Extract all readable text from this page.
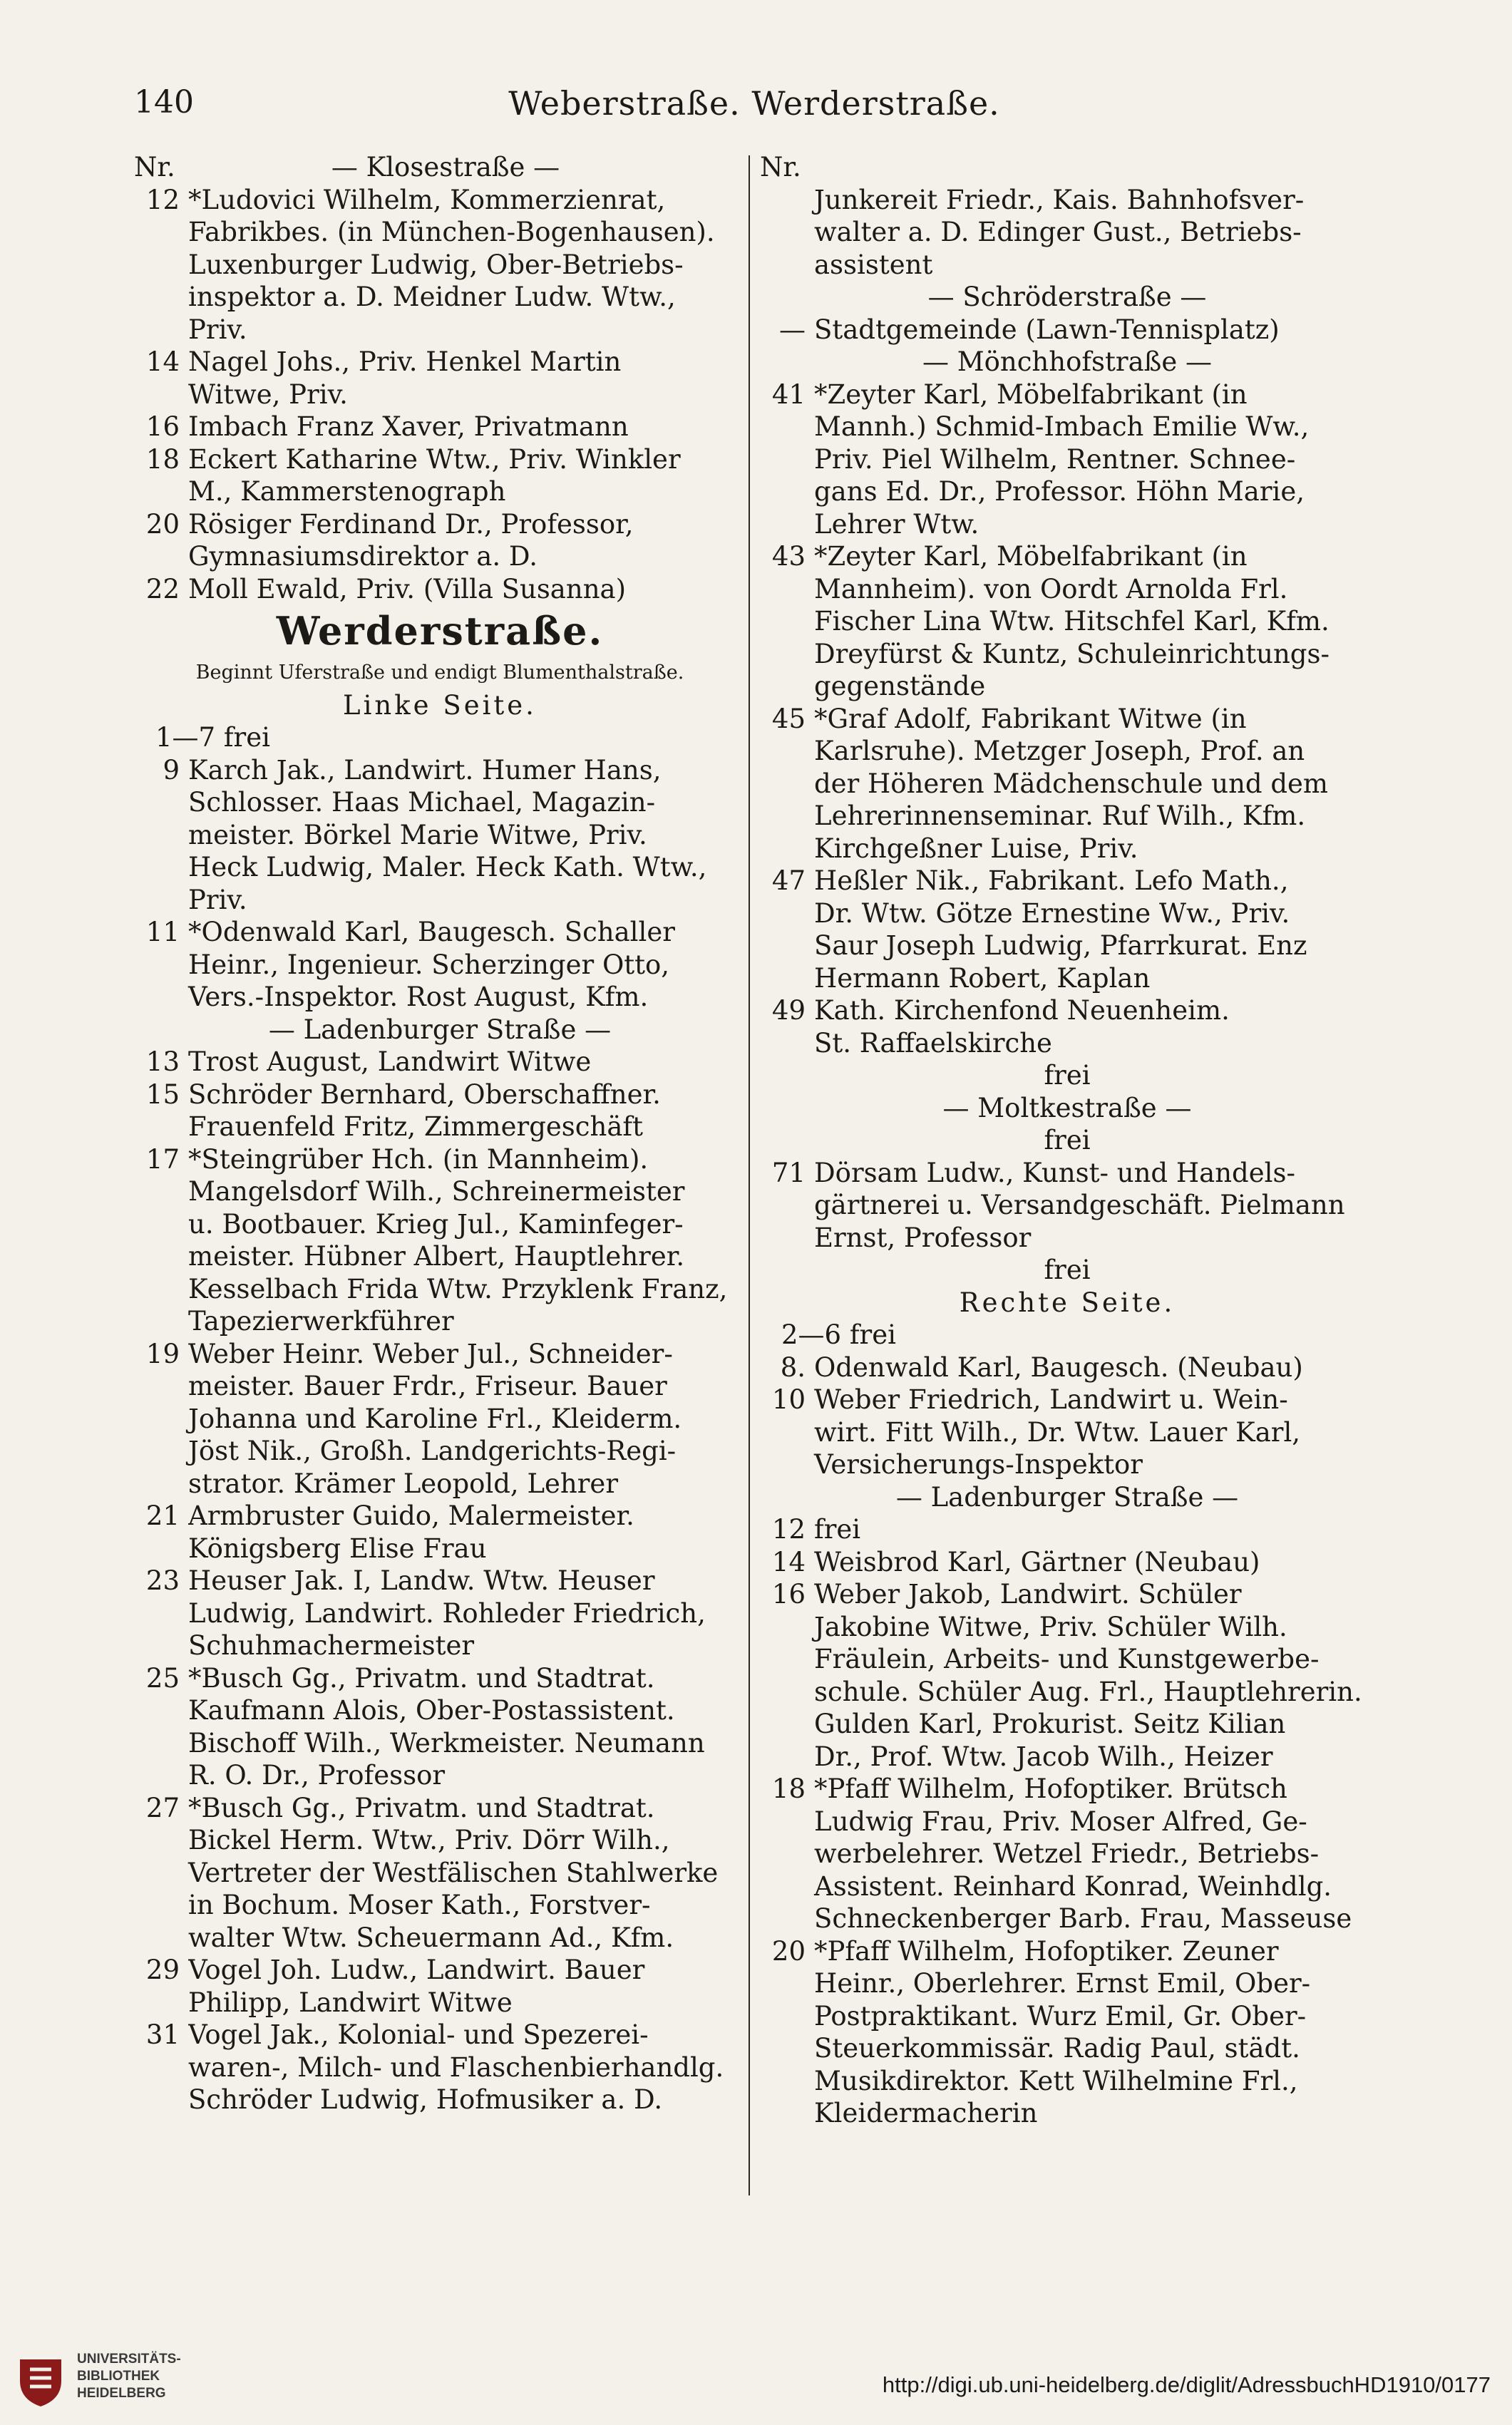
140	Weberstraße. Werderstraße.
Nr.	— Klosestraße —
12 *Ludovici Wilhelm, Kommerzienrat,
Fabrikbes. (in München-Bogenhausen).
Luxenburger Ludwig, Ober-Betriebs-
inspektor a. D. Meidner Ludw. Wtw.,
Priv.
14 Nagel Johs., Priv. Henkel Martin
Witwe, Priv.
16 Imbach Franz Xaver, Privatmann
18 Eckert Katharine Wtw., Priv. Winkler
M., Kammerstenograph
20 Rösiger Ferdinand Dr., Professor,
Gymnasiumsdirektor a. D.
22 Moll Ewald, Priv. (Villa Susanna)
Werderstraße.
Beginnt Uferstraße und endigt Blumenthalstraße.
Linke Seite.
1—7 frei
9 Karch Jak., Landwirt. Humer Hans,
Schlosser. Haas Michael, Magazin-
meister. Börkel Marie Witwe, Priv.
Heck Ludwig, Maler. Heck Kath. Wtw.,
Priv.
11 *Odenwald Karl, Baugesch. Schaller
Heinr., Ingenieur. Scherzinger Otto,
Vers.-Inspektor. Rost August, Kfm.
— Ladenburger Straße —
13 Trost August, Landwirt Witwe
15 Schröder Bernhard, Oberschaffner.
Frauenfeld Fritz, Zimmergeschäft
17 *Steingrüber Hch. (in Mannheim).
Mangelsdorf Wilh., Schreinermeister
u. Bootbauer. Krieg Jul., Kaminfeger-
meister. Hübner Albert, Hauptlehrer.
Kesselbach Frida Wtw. Przyklenk Franz,
Tapezierwerkführer
19 Weber Heinr. Weber Jul., Schneider-
meister. Bauer Frdr., Friseur. Bauer
Johanna und Karoline Frl., Kleiderm.
Jöst Nik., Großh. Landgerichts-Regi-
strator. Krämer Leopold, Lehrer
21 Armbruster Guido, Malermeister.
Königsberg Elise Frau
23 Heuser Jak. I, Landw. Wtw. Heuser
Ludwig, Landwirt. Rohleder Friedrich,
Schuhmachermeister
25 *Busch Gg., Privatm. und Stadtrat.
Kaufmann Alois, Ober-Postassistent.
Bischoff Wilh., Werkmeister. Neumann
R. O. Dr., Professor
27 *Busch Gg., Privatm. und Stadtrat.
Bickel Herm. Wtw., Priv. Dörr Wilh.,
Vertreter der Westfälischen Stahlwerke
in Bochum. Moser Kath., Forstver-
walter Wtw. Scheuermann Ad., Kfm.
29 Vogel Joh. Ludw., Landwirt. Bauer
Philipp, Landwirt Witwe
31 Vogel Jak., Kolonial- und Spezerei-
waren-, Milch- und Flaschenbierhandlg.
Schröder Ludwig, Hofmusiker a. D.
Nr.
Junkereit Friedr., Kais. Bahnhofsver-
walter a. D. Edinger Gust., Betriebs-
assistent
— Schröderstraße —
— Stadtgemeinde (Lawn-Tennisplatz)
— Mönchhofstraße —
41 *Zeyter Karl, Möbelfabrikant (in
Mannh.) Schmid-Imbach Emilie Ww.,
Priv. Piel Wilhelm, Rentner. Schnee-
gans Ed. Dr., Professor. Höhn Marie,
Lehrer Wtw.
43 *Zeyter Karl, Möbelfabrikant (in
Mannheim). von Oordt Arnolda Frl.
Fischer Lina Wtw. Hitschfel Karl, Kfm.
Dreyfürst & Kuntz, Schuleinrichtungs-
gegenstände
45 *Graf Adolf, Fabrikant Witwe (in
Karlsruhe). Metzger Joseph, Prof. an
der Höheren Mädchenschule und dem
Lehrerinnenseminar. Ruf Wilh., Kfm.
Kirchgeßner Luise, Priv.
47 Heßler Nik., Fabrikant. Lefo Math.,
Dr. Wtw. Götze Ernestine Ww., Priv.
Saur Joseph Ludwig, Pfarrkurat. Enz
Hermann Robert, Kaplan
49 Kath. Kirchenfond Neuenheim.
St. Raffaelskirche
frei
— Moltkestraße —
frei
71 Dörsam Ludw., Kunst- und Handels-
gärtnerei u. Versandgeschäft. Pielmann
Ernst, Professor
frei
Rechte Seite.
2—6 frei
8. Odenwald Karl, Baugesch. (Neubau)
10 Weber Friedrich, Landwirt u. Wein-
wirt. Fitt Wilh., Dr. Wtw. Lauer Karl,
Versicherungs-Inspektor
— Ladenburger Straße —
12 frei
14 Weisbrod Karl, Gärtner (Neubau)
16 Weber Jakob, Landwirt. Schüler
Jakobine Witwe, Priv. Schüler Wilh.
Fräulein, Arbeits- und Kunstgewerbe-
schule. Schüler Aug. Frl., Hauptlehrerin.
Gulden Karl, Prokurist. Seitz Kilian
Dr., Prof. Wtw. Jacob Wilh., Heizer
18 *Pfaff Wilhelm, Hofoptiker. Brütsch
Ludwig Frau, Priv. Moser Alfred, Ge-
werbelehrer. Wetzel Friedr., Betriebs-
Assistent. Reinhard Konrad, Weinhdlg.
Schneckenberger Barb. Frau, Masseuse
20 *Pfaff Wilhelm, Hofoptiker. Zeuner
Heinr., Oberlehrer. Ernst Emil, Ober-
Postpraktikant. Wurz Emil, Gr. Ober-
Steuerkommissär. Radig Paul, städt.
Musikdirektor. Kett Wilhelmine Frl.,
Kleidermacherin
UNIVERSITÄTS-
BIBLIOTHEK
HEIDELBERG	http://digi.ub.uni-heidelberg.de/diglit/AdressbuchHD1910/0177
